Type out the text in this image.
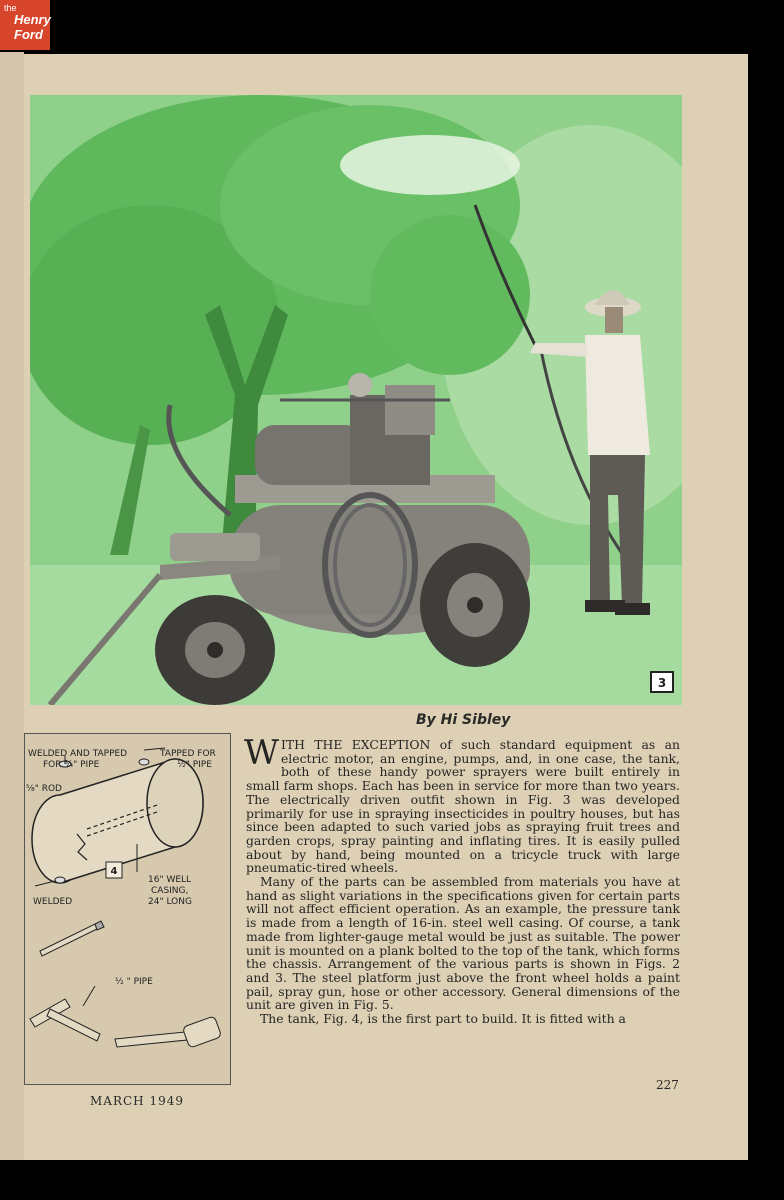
the
Henry
Ford
3
By Hi Sibley
4
WELDED AND TAPPED
FOR ¾" PIPE
TAPPED FOR
½" PIPE
⅝" ROD
16" WELL
CASING,
24" LONG
WELDED
½ " PIPE

WITH THE EXCEPTION of such standard equipment as an electric motor, an engine, pumps, and, in one case, the tank, both of these handy power sprayers were built entirely in small farm shops. Each has been in service for more than two years. The electrically driven outfit shown in Fig. 3 was developed primarily for use in spraying insecticides in poultry houses, but has since been adapted to such varied jobs as spraying fruit trees and garden crops, spray painting and inflating tires. It is easily pulled about by hand, being mounted on a tricycle truck with large pneumatic-tired wheels.

Many of the parts can be assembled from materials you have at hand as slight variations in the specifications given for certain parts will not affect efficient operation. As an example, the pressure tank is made from a length of 16-in. steel well casing. Of course, a tank made from lighter-gauge metal would be just as suitable. The power unit is mounted on a plank bolted to the top of the tank, which forms the chassis. Arrangement of the various parts is shown in Figs. 2 and 3. The steel platform just above the front wheel holds a paint pail, spray gun, hose or other accessory. General dimensions of the unit are given in Fig. 5.

The tank, Fig. 4, is the first part to build. It is fitted with a

MARCH 1949
227
